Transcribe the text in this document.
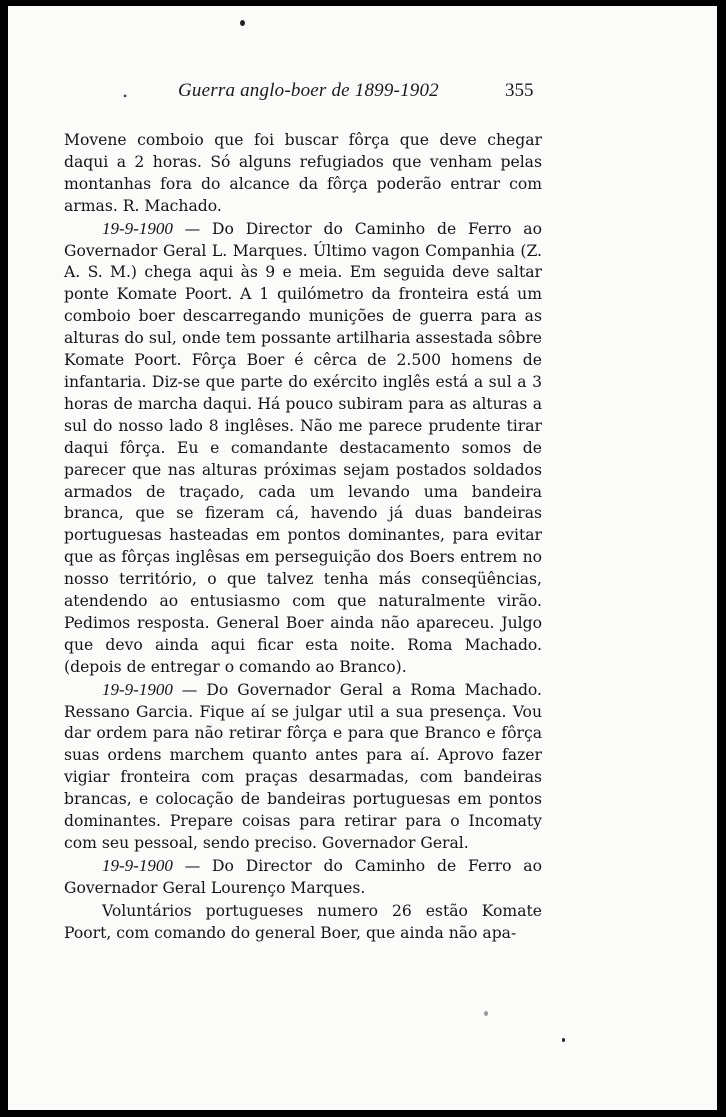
•	Guerra anglo-boer de 1899-1902	355

Movene comboio que foi buscar fôrça que deve chegar daqui a 2 horas. Só alguns refugiados que venham pelas montanhas fora do alcance da fôrça poderão entrar com armas. R. Machado.

19-9-1900 — Do Director do Caminho de Ferro ao Governador Geral L. Marques. Último vagon Companhia (Z. A. S. M.) chega aqui às 9 e meia. Em seguida deve saltar ponte Komate Poort. A 1 quilómetro da fronteira está um comboio boer descarregando munições de guerra para as alturas do sul, onde tem possante artilharia assestada sôbre Komate Poort. Fôrça Boer é cêrca de 2.500 homens de infantaria. Diz-se que parte do exército inglês está a sul a 3 horas de marcha daqui. Há pouco subiram para as alturas a sul do nosso lado 8 inglêses. Não me parece prudente tirar daqui fôrça. Eu e comandante destacamento somos de parecer que nas alturas próximas sejam postados soldados armados de traçado, cada um levando uma bandeira branca, que se fizeram cá, havendo já duas bandeiras portuguesas hasteadas em pontos dominantes, para evitar que as fôrças inglêsas em perseguição dos Boers entrem no nosso território, o que talvez tenha más conseqüências, atendendo ao entusiasmo com que naturalmente virão. Pedimos resposta. General Boer ainda não apareceu. Julgo que devo ainda aqui ficar esta noite. Roma Machado. (depois de entregar o comando ao Branco).

19-9-1900 — Do Governador Geral a Roma Machado. Ressano Garcia. Fique aí se julgar util a sua presença. Vou dar ordem para não retirar fôrça e para que Branco e fôrça suas ordens marchem quanto antes para aí. Aprovo fazer vigiar fronteira com praças desarmadas, com bandeiras brancas, e colocação de bandeiras portuguesas em pontos dominantes. Prepare coisas para retirar para o Incomaty com seu pessoal, sendo preciso. Governador Geral.

19-9-1900 — Do Director do Caminho de Ferro ao Governador Geral Lourenço Marques.

Voluntários portugueses numero 26 estão Komate Poort, com comando do general Boer, que ainda não apa-
